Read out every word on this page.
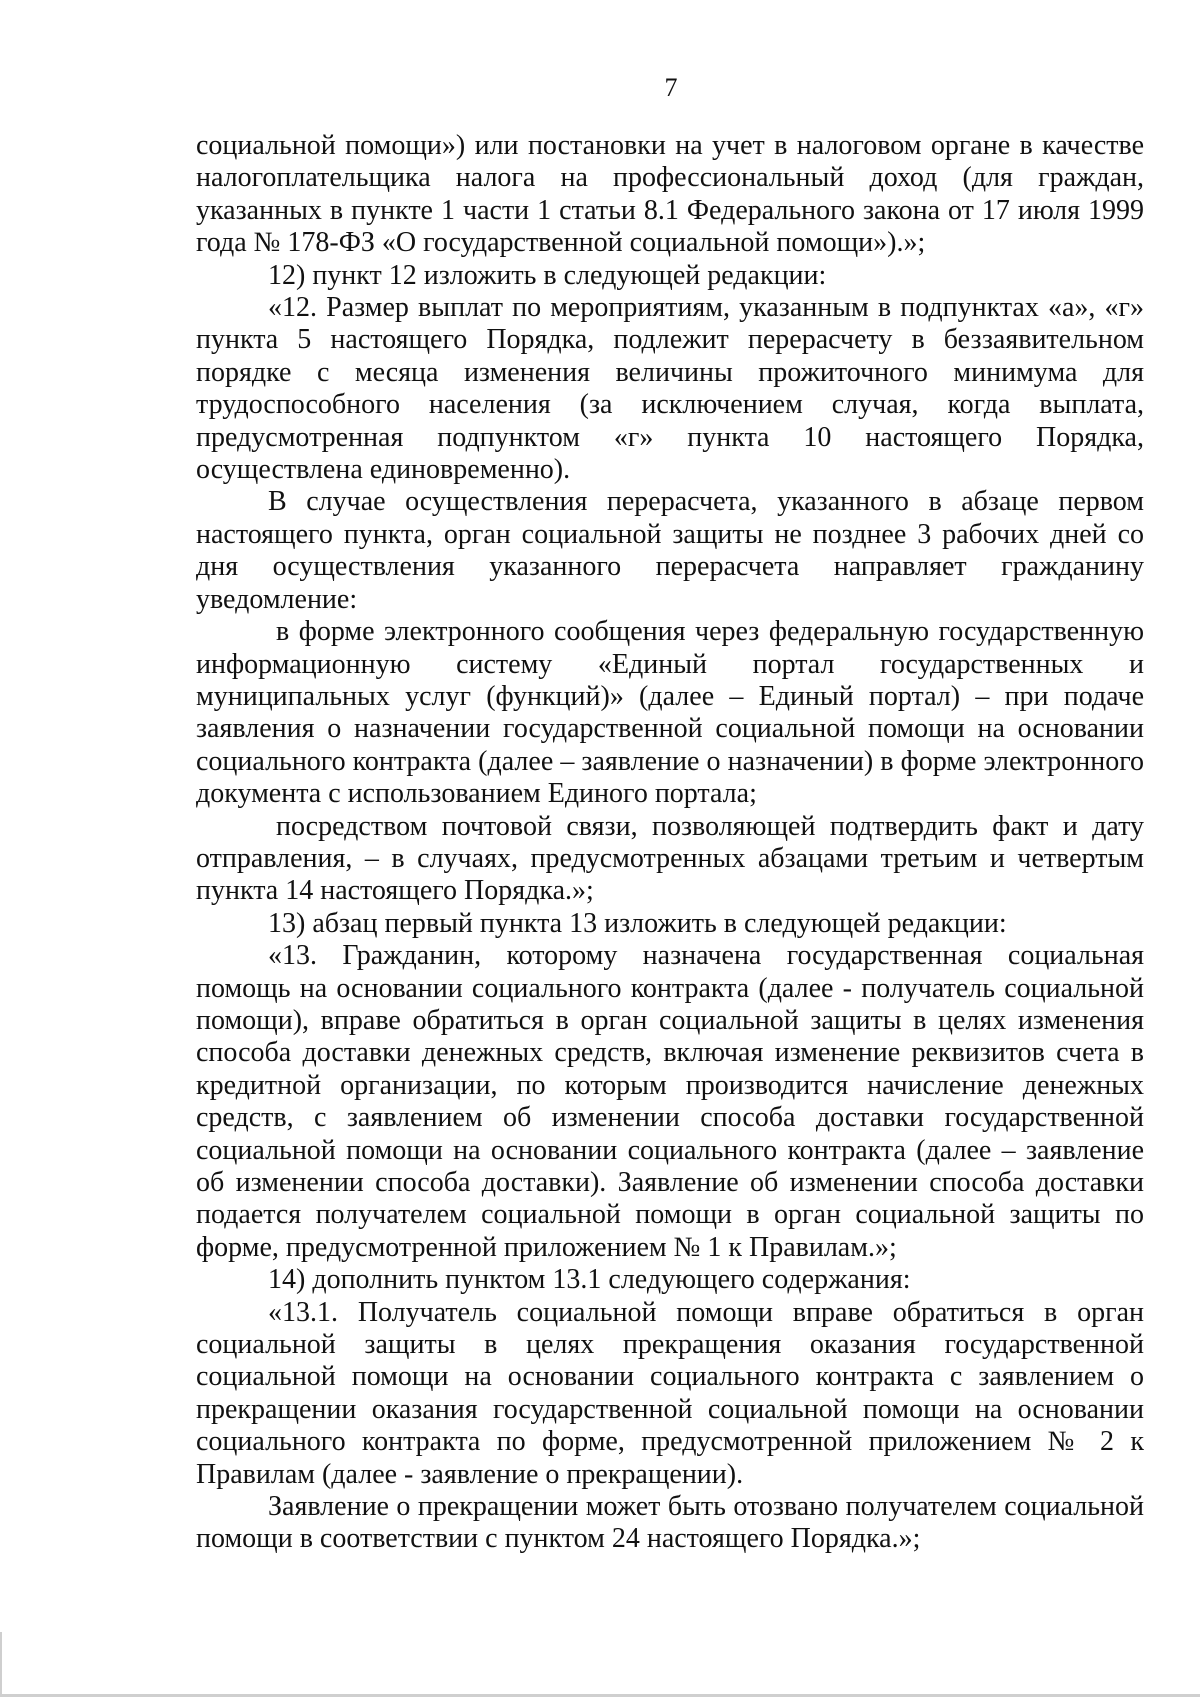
7

социальной помощи») или постановки на учет в налоговом органе в качестве налогоплательщика налога на профессиональный доход (для граждан, указанных в пункте 1 части 1 статьи 8.1 Федерального закона от 17 июля 1999 года № 178-ФЗ «О государственной социальной помощи»).»;

12) пункт 12 изложить в следующей редакции:

«12. Размер выплат по мероприятиям, указанным в подпунктах «а», «г» пункта 5 настоящего Порядка, подлежит перерасчету в беззаявительном порядке с месяца изменения величины прожиточного минимума для трудоспособного населения (за исключением случая, когда выплата, предусмотренная подпунктом «г» пункта 10 настоящего Порядка, осуществлена единовременно).

В случае осуществления перерасчета, указанного в абзаце первом настоящего пункта, орган социальной защиты не позднее 3 рабочих дней со дня осуществления указанного перерасчета направляет гражданину уведомление:

в форме электронного сообщения через федеральную государственную информационную систему «Единый портал государственных и муниципальных услуг (функций)» (далее – Единый портал) – при подаче заявления о назначении государственной социальной помощи на основании социального контракта (далее – заявление о назначении) в форме электронного документа с использованием Единого портала;

посредством почтовой связи, позволяющей подтвердить факт и дату отправления, – в случаях, предусмотренных абзацами третьим и четвертым пункта 14 настоящего Порядка.»;

13) абзац первый пункта 13 изложить в следующей редакции:

«13. Гражданин, которому назначена государственная социальная помощь на основании социального контракта (далее - получатель социальной помощи), вправе обратиться в орган социальной защиты в целях изменения способа доставки денежных средств, включая изменение реквизитов счета в кредитной организации, по которым производится начисление денежных средств, с заявлением об изменении способа доставки государственной социальной помощи на основании социального контракта (далее – заявление об изменении способа доставки). Заявление об изменении способа доставки подается получателем социальной помощи в орган социальной защиты по форме, предусмотренной приложением № 1 к Правилам.»;

14) дополнить пунктом 13.1 следующего содержания:

«13.1. Получатель социальной помощи вправе обратиться в орган социальной защиты в целях прекращения оказания государственной социальной помощи на основании социального контракта с заявлением о прекращении оказания государственной социальной помощи на основании социального контракта по форме, предусмотренной приложением № 2 к Правилам (далее - заявление о прекращении).

Заявление о прекращении может быть отозвано получателем социальной помощи в соответствии с пунктом 24 настоящего Порядка.»;
